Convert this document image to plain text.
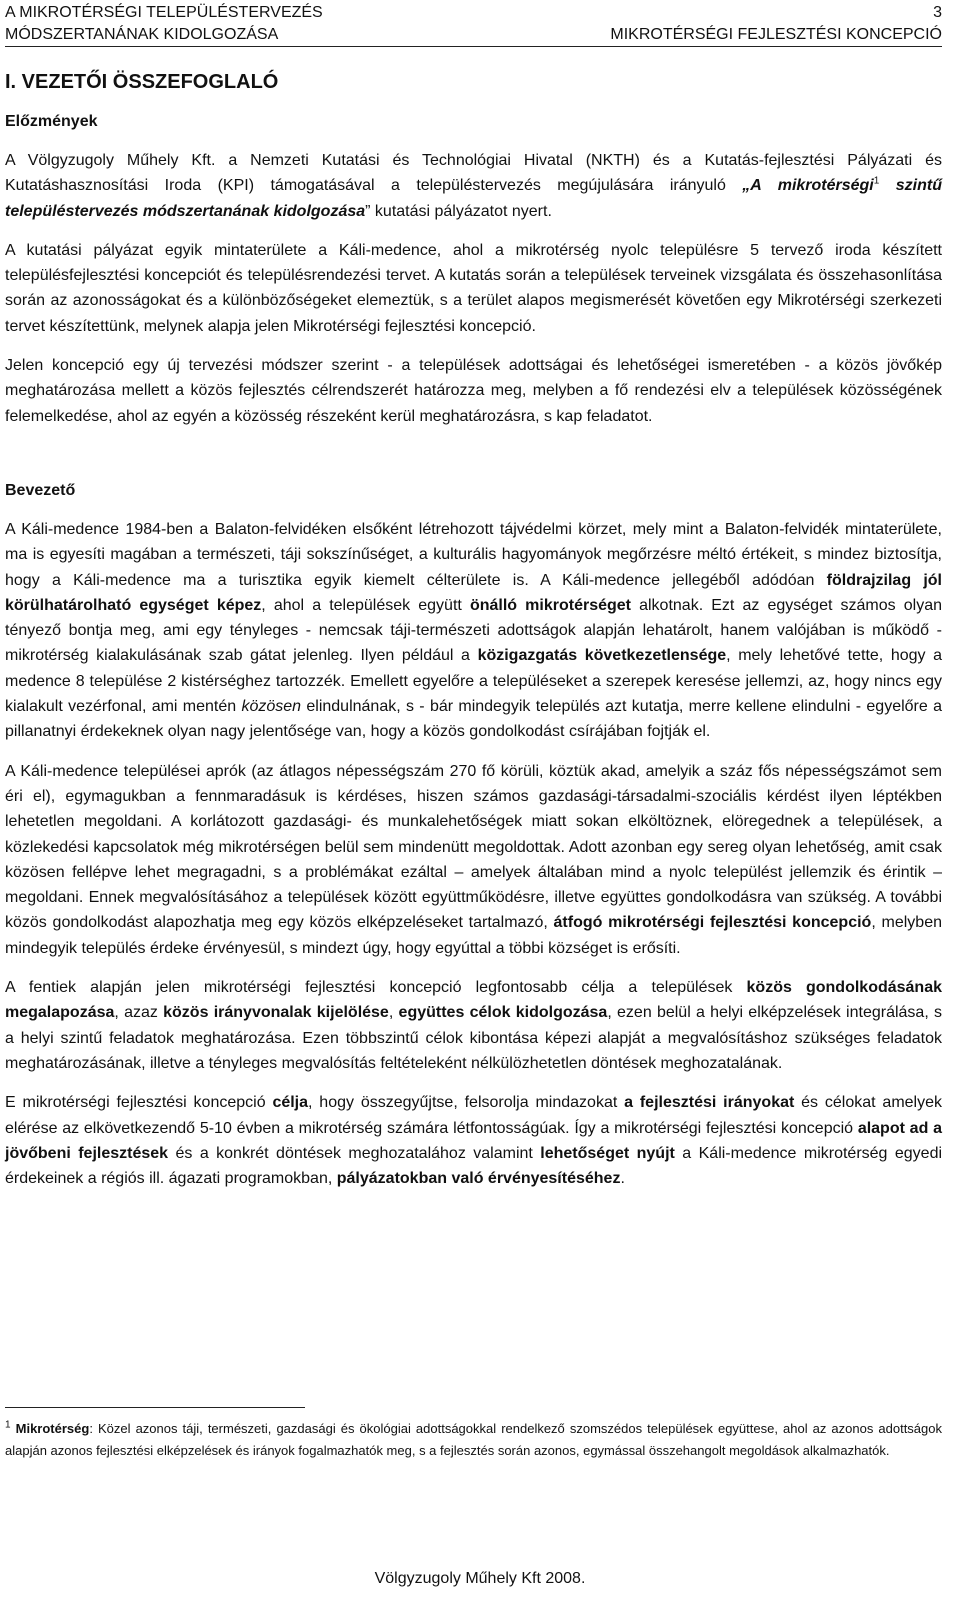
A MIKROTÉRSÉGI TELEPÜLÉSTERVEZÉS	3
MÓDSZERTANÁNAK KIDOLGOZÁSA	MIKROTÉRSÉGI FEJLESZTÉSI KONCEPCIÓ
I. VEZETŐI ÖSSZEFOGLALÓ
Előzmények

A Völgyzugoly Műhely Kft. a Nemzeti Kutatási és Technológiai Hivatal (NKTH) és a Kutatás-fejlesztési Pályázati és Kutatáshasznosítási Iroda (KPI) támogatásával a településtervezés megújulására irányuló „A mikrotérségi$^1$ szintű településtervezés módszertanának kidolgozása” kutatási pályázatot nyert.

A kutatási pályázat egyik mintaterülete a Káli-medence, ahol a mikrotérség nyolc településre 5 tervező iroda készített településfejlesztési koncepciót és településrendezési tervet. A kutatás során a települések terveinek vizsgálata és összehasonlítása során az azonosságokat és a különbözőségeket elemeztük, s a terület alapos megismerését követően egy Mikrotérségi szerkezeti tervet készítettünk, melynek alapja jelen Mikrotérségi fejlesztési koncepció.

Jelen koncepció egy új tervezési módszer szerint - a települések adottságai és lehetőségei ismeretében - a közös jövőkép meghatározása mellett a közös fejlesztés célrendszerét határozza meg, melyben a fő rendezési elv a települések közösségének felemelkedése, ahol az egyén a közösség részeként kerül meghatározásra, s kap feladatot.

Bevezető

A Káli-medence 1984-ben a Balaton-felvidéken elsőként létrehozott tájvédelmi körzet, mely mint a Balaton-felvidék mintaterülete, ma is egyesíti magában a természeti, táji sokszínűséget, a kulturális hagyományok megőrzésre méltó értékeit, s mindez biztosítja, hogy a Káli-medence ma a turisztika egyik kiemelt célterülete is. A Káli-medence jellegéből adódóan földrajzilag jól körülhatárolható egységet képez, ahol a települések együtt önálló mikrotérséget alkotnak. Ezt az egységet számos olyan tényező bontja meg, ami egy tényleges - nemcsak táji-természeti adottságok alapján lehatárolt, hanem valójában is működő - mikrotérség kialakulásának szab gátat jelenleg. Ilyen például a közigazgatás következetlensége, mely lehetővé tette, hogy a medence 8 települése 2 kistérséghez tartozzék. Emellett egyelőre a településeket a szerepek keresése jellemzi, az, hogy nincs egy kialakult vezérfonal, ami mentén közösen elindulnának, s - bár mindegyik település azt kutatja, merre kellene elindulni - egyelőre a pillanatnyi érdekeknek olyan nagy jelentősége van, hogy a közös gondolkodást csírájában fojtják el.

A Káli-medence települései aprók (az átlagos népességszám 270 fő körüli, köztük akad, amelyik a száz fős népességszámot sem éri el), egymagukban a fennmaradásuk is kérdéses, hiszen számos gazdasági-társadalmi-szociális kérdést ilyen léptékben lehetetlen megoldani. A korlátozott gazdasági- és munkalehetőségek miatt sokan elköltöznek, elöregednek a települések, a közlekedési kapcsolatok még mikrotérségen belül sem mindenütt megoldottak. Adott azonban egy sereg olyan lehetőség, amit csak közösen fellépve lehet megragadni, s a problémákat ezáltal – amelyek általában mind a nyolc települést jellemzik és érintik – megoldani. Ennek megvalósításához a települések között együttműködésre, illetve együttes gondolkodásra van szükség. A további közös gondolkodást alapozhatja meg egy közös elképzeléseket tartalmazó, átfogó mikrotérségi fejlesztési koncepció, melyben mindegyik település érdeke érvényesül, s mindezt úgy, hogy egyúttal a többi községet is erősíti.

A fentiek alapján jelen mikrotérségi fejlesztési koncepció legfontosabb célja a települések közös gondolkodásának megalapozása, azaz közös irányvonalak kijelölése, együttes célok kidolgozása, ezen belül a helyi elképzelések integrálása, s a helyi szintű feladatok meghatározása. Ezen többszintű célok kibontása képezi alapját a megvalósításhoz szükséges feladatok meghatározásának, illetve a tényleges megvalósítás feltételeként nélkülözhetetlen döntések meghozatalának.

E mikrotérségi fejlesztési koncepció célja, hogy összegyűjtse, felsorolja mindazokat a fejlesztési irányokat és célokat amelyek elérése az elkövetkezendő 5-10 évben a mikrotérség számára létfontosságúak. Így a mikrotérségi fejlesztési koncepció alapot ad a jövőbeni fejlesztések és a konkrét döntések meghozatalához valamint lehetőséget nyújt a Káli-medence mikrotérség egyedi érdekeinek a régiós ill. ágazati programokban, pályázatokban való érvényesítéséhez.

$^1$ Mikrotérség: Közel azonos táji, természeti, gazdasági és ökológiai adottságokkal rendelkező szomszédos települések együttese, ahol az azonos adottságok alapján azonos fejlesztési elképzelések és irányok fogalmazhatók meg, s a fejlesztés során azonos, egymással összehangolt megoldások alkalmazhatók.
Völgyzugoly Műhely Kft 2008.
